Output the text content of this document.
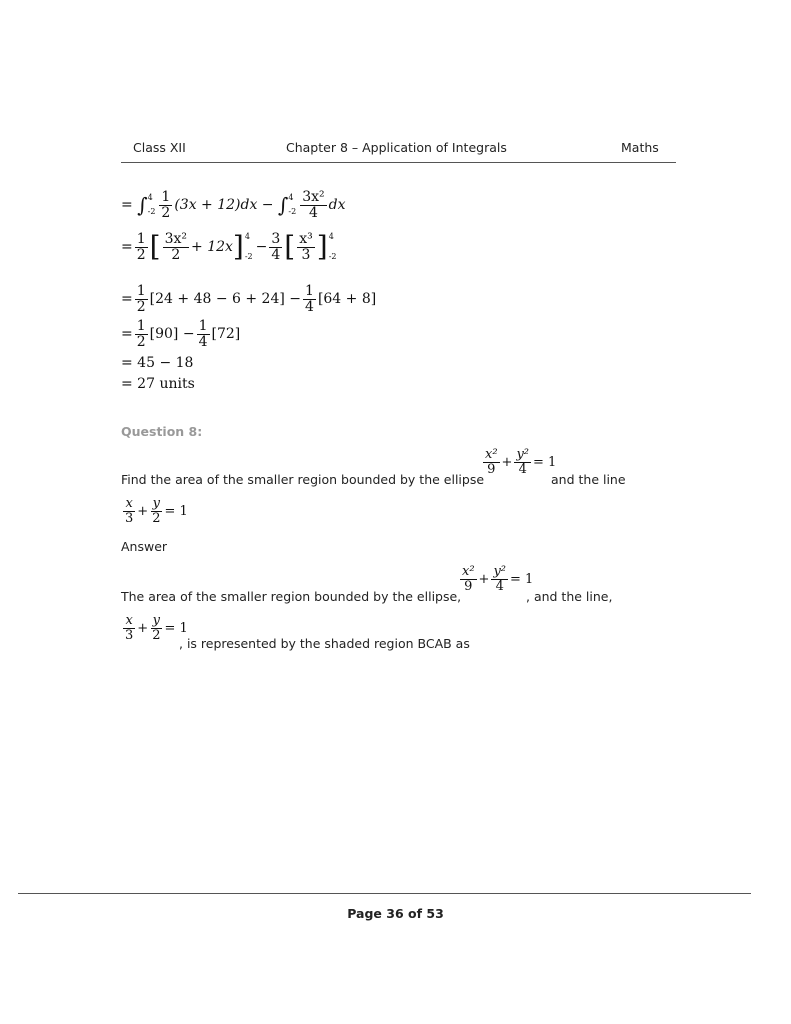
Class XII	Chapter 8 – Application of Integrals	Maths
=
∫ 4
$-2 \frac{1}{2} (3x + 12)dx$ −
∫ 4
$-2 \frac{\text{3x²}}{4}$ dx
= $\frac{1}{2}$ [ $\frac{\text{3x²}}{2} + 12x$ ] 4
-2
− $\frac{3}{4}$ [ $\frac{\text{x³}}{3}$ ] 4
-2
= $\frac{1}{2} [24 + 48 - 6 + 24] - \frac{1}{4} [64 + 8]$
= $\frac{1}{2} [90] - \frac{1}{4} [72]$
= 45 − 18
= 27 units
Question 8:
Find the area of the smaller region bounded by the ellipse
$\frac{\text{x²}}{9} + \frac{\text{y²}}{4} = 1$
and the line
$\frac{x}{3} + \frac{y}{2} = 1$
Answer
The area of the smaller region bounded by the ellipse,
$\frac{\text{x²}}{9} + \frac{\text{y²}}{4} = 1$
, and the line,
$\frac{x}{3} + \frac{y}{2} = 1$
, is represented by the shaded region BCAB as
Page 36 of 53
